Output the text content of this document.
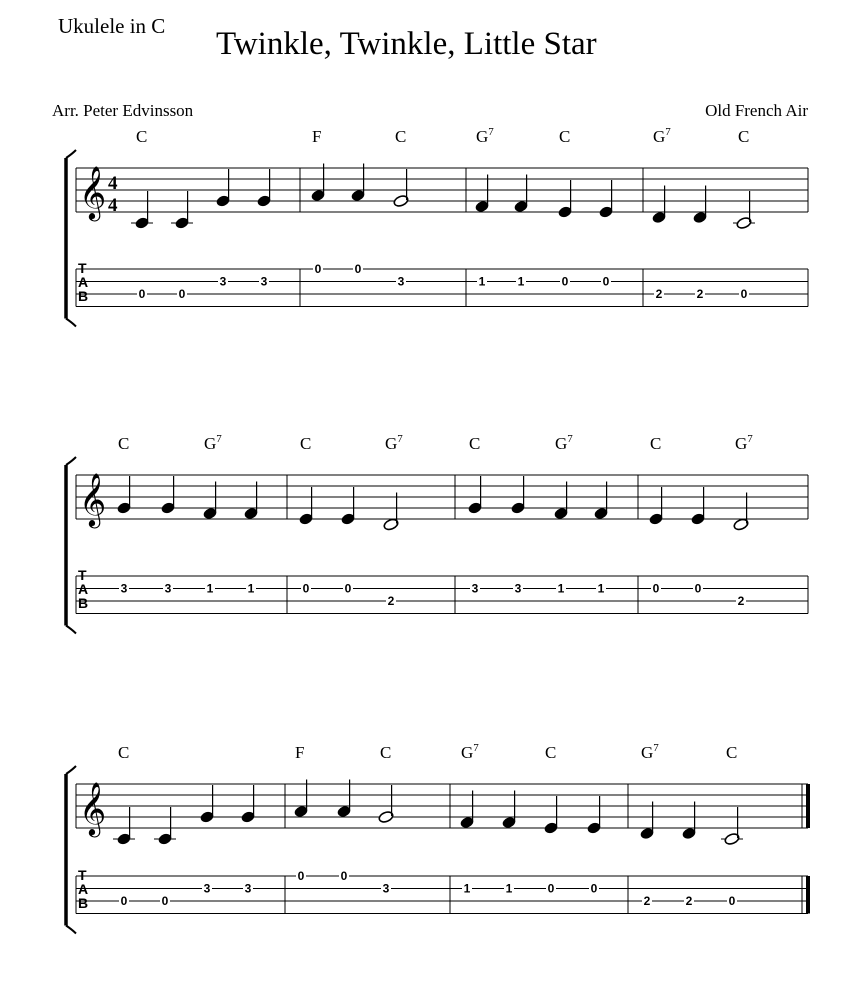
Ukulele in C Twinkle, Twinkle, Little Star
Arr. Peter Edvinsson	Old French Air
𝄞 4
4
T
A
B
C
0	0
3	3
F
0	0
C
3
$G^7$
1	1
C
0	0
$G^7$
2	2
C
0
𝄞
T
A
B
C
3	3
$G^7$
1	1
C
0	0
$G^7$
2
C
3	3
$G^7$
1	1
C
0	0
$G^7$
2
𝄞
T
A
B
C
0	0
3	3
F
0	0
C
3
$G^7$
1	1
C
0	0
$G^7$
2	2
C
0
